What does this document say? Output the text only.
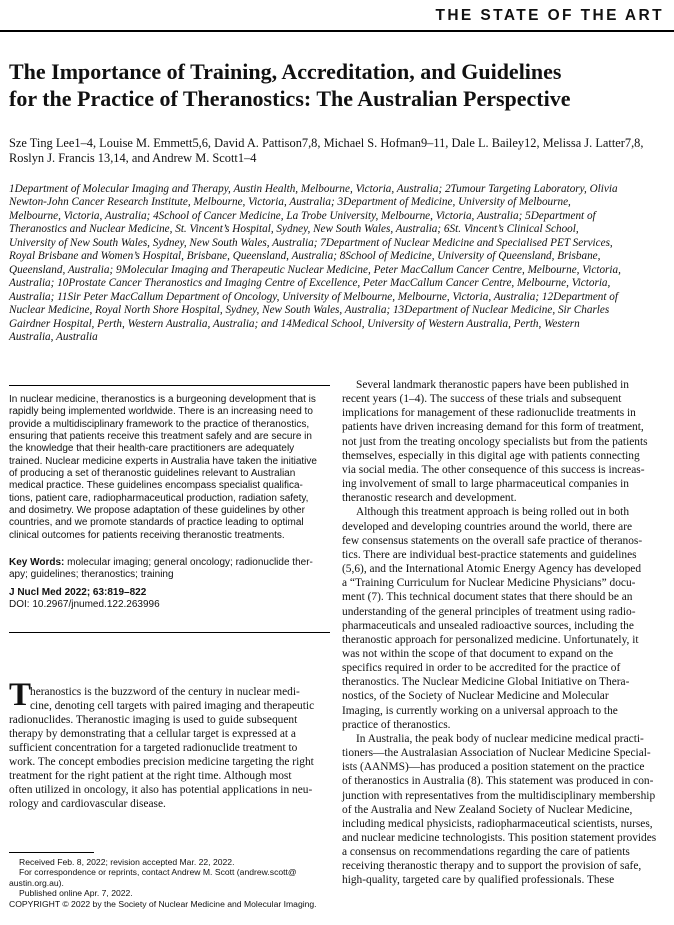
THE STATE OF THE ART
The Importance of Training, Accreditation, and Guidelines
for the Practice of Theranostics: The Australian Perspective
Sze Ting Lee1–4, Louise M. Emmett5,6, David A. Pattison7,8, Michael S. Hofman9–11, Dale L. Bailey12, Melissa J. Latter7,8,
Roslyn J. Francis 13,14, and Andrew M. Scott1–4
1Department of Molecular Imaging and Therapy, Austin Health, Melbourne, Victoria, Australia; 2Tumour Targeting Laboratory, Olivia
Newton-John Cancer Research Institute, Melbourne, Victoria, Australia; 3Department of Medicine, University of Melbourne,
Melbourne, Victoria, Australia; 4School of Cancer Medicine, La Trobe University, Melbourne, Victoria, Australia; 5Department of
Theranostics and Nuclear Medicine, St. Vincent’s Hospital, Sydney, New South Wales, Australia; 6St. Vincent’s Clinical School,
University of New South Wales, Sydney, New South Wales, Australia; 7Department of Nuclear Medicine and Specialised PET Services,
Royal Brisbane and Women’s Hospital, Brisbane, Queensland, Australia; 8School of Medicine, University of Queensland, Brisbane,
Queensland, Australia; 9Molecular Imaging and Therapeutic Nuclear Medicine, Peter MacCallum Cancer Centre, Melbourne, Victoria,
Australia; 10Prostate Cancer Theranostics and Imaging Centre of Excellence, Peter MacCallum Cancer Centre, Melbourne, Victoria,
Australia; 11Sir Peter MacCallum Department of Oncology, University of Melbourne, Melbourne, Victoria, Australia; 12Department of
Nuclear Medicine, Royal North Shore Hospital, Sydney, New South Wales, Australia; 13Department of Nuclear Medicine, Sir Charles
Gairdner Hospital, Perth, Western Australia, Australia; and 14Medical School, University of Western Australia, Perth, Western
Australia, Australia
In nuclear medicine, theranostics is a burgeoning development that is
rapidly being implemented worldwide. There is an increasing need to
provide a multidisciplinary framework to the practice of theranostics,
ensuring that patients receive this treatment safely and are secure in
the knowledge that their health-care practitioners are adequately
trained. Nuclear medicine experts in Australia have taken the initiative
of producing a set of theranostic guidelines relevant to Australian
medical practice. These guidelines encompass specialist qualifica-
tions, patient care, radiopharmaceutical production, radiation safety,
and dosimetry. We propose adaptation of these guidelines by other
countries, and we promote standards of practice leading to optimal
clinical outcomes for patients receiving theranostic treatments.
Key Words: molecular imaging; general oncology; radionuclide ther-
apy; guidelines; theranostics; training
J Nucl Med 2022; 63:819–822
DOI: 10.2967/jnumed.122.263996
T
heranostics is the buzzword of the century in nuclear medi-
cine, denoting cell targets with paired imaging and therapeutic
radionuclides. Theranostic imaging is used to guide subsequent
therapy by demonstrating that a cellular target is expressed at a
sufficient concentration for a targeted radionuclide treatment to
work. The concept embodies precision medicine targeting the right
treatment for the right patient at the right time. Although most
often utilized in oncology, it also has potential applications in neu-
rology and cardiovascular disease.
Received Feb. 8, 2022; revision accepted Mar. 22, 2022.
For correspondence or reprints, contact Andrew M. Scott (andrew.scott@
austin.org.au).
Published online Apr. 7, 2022.
COPYRIGHT © 2022 by the Society of Nuclear Medicine and Molecular Imaging.
Several landmark theranostic papers have been published in
recent years (1–4). The success of these trials and subsequent
implications for management of these radionuclide treatments in
patients have driven increasing demand for this form of treatment,
not just from the treating oncology specialists but from the patients
themselves, especially in this digital age with patients connecting
via social media. The other consequence of this success is increas-
ing involvement of small to large pharmaceutical companies in
theranostic research and development.
Although this treatment approach is being rolled out in both
developed and developing countries around the world, there are
few consensus statements on the overall safe practice of theranos-
tics. There are individual best-practice statements and guidelines
(5,6), and the International Atomic Energy Agency has developed
a “Training Curriculum for Nuclear Medicine Physicians” docu-
ment (7). This technical document states that there should be an
understanding of the general principles of treatment using radio-
pharmaceuticals and unsealed radioactive sources, including the
theranostic approach for personalized medicine. Unfortunately, it
was not within the scope of that document to expand on the
specifics required in order to be accredited for the practice of
theranostics. The Nuclear Medicine Global Initiative on Thera-
nostics, of the Society of Nuclear Medicine and Molecular
Imaging, is currently working on a universal approach to the
practice of theranostics.
In Australia, the peak body of nuclear medicine medical practi-
tioners—the Australasian Association of Nuclear Medicine Special-
ists (AANMS)—has produced a position statement on the practice
of theranostics in Australia (8). This statement was produced in con-
junction with representatives from the multidisciplinary membership
of the Australia and New Zealand Society of Nuclear Medicine,
including medical physicists, radiopharmaceutical scientists, nurses,
and nuclear medicine technologists. This position statement provides
a consensus on recommendations regarding the care of patients
receiving theranostic therapy and to support the provision of safe,
high-quality, targeted care by qualified professionals. These
